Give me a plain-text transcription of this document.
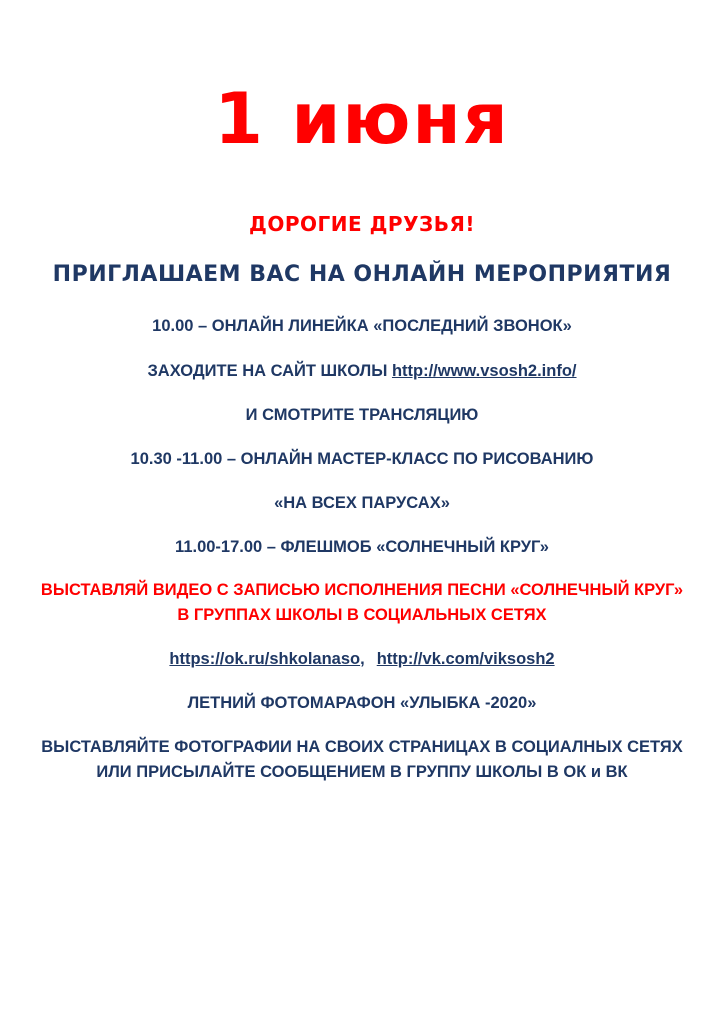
1 июня
ДОРОГИЕ ДРУЗЬЯ!
ПРИГЛАШАЕМ ВАС НА ОНЛАЙН МЕРОПРИЯТИЯ
10.00 – ОНЛАЙН ЛИНЕЙКА «ПОСЛЕДНИЙ ЗВОНОК»
ЗАХОДИТЕ НА САЙТ ШКОЛЫ http://www.vsosh2.info/
И СМОТРИТЕ ТРАНСЛЯЦИЮ
10.30 -11.00 – ОНЛАЙН МАСТЕР-КЛАСС ПО РИСОВАНИЮ
«НА ВСЕХ ПАРУСАХ»
11.00-17.00 – ФЛЕШМОБ «СОЛНЕЧНЫЙ КРУГ»
ВЫСТАВЛЯЙ ВИДЕО С ЗАПИСЬЮ ИСПОЛНЕНИЯ ПЕСНИ «СОЛНЕЧНЫЙ КРУГ»
В ГРУППАХ ШКОЛЫ В СОЦИАЛЬНЫХ СЕТЯХ
https://ok.ru/shkolanaso, http://vk.com/viksosh2
ЛЕТНИЙ ФОТОМАРАФОН «УЛЫБКА -2020»
ВЫСТАВЛЯЙТЕ ФОТОГРАФИИ НА СВОИХ СТРАНИЦАХ В СОЦИАЛНЫХ СЕТЯХ
ИЛИ ПРИСЫЛАЙТЕ СООБЩЕНИЕМ В ГРУППУ ШКОЛЫ В ОК и ВК
